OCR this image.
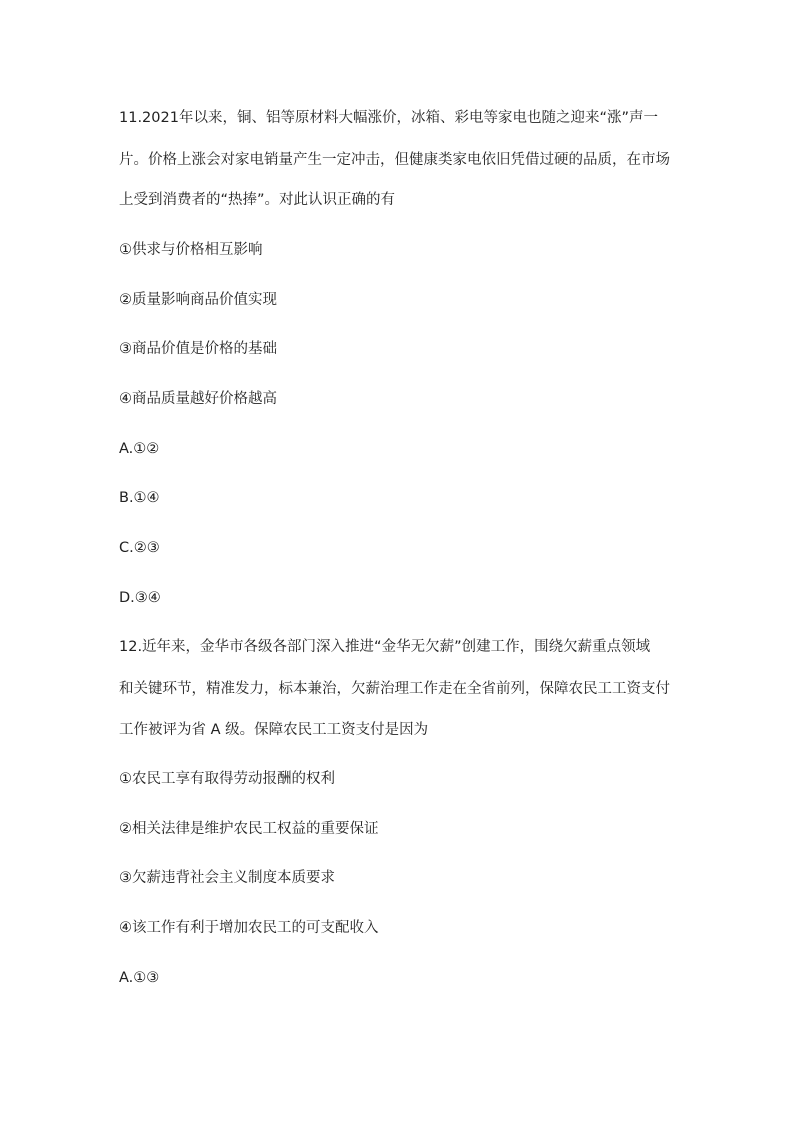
11.2021年以来，铜、铝等原材料大幅涨价，冰箱、彩电等家电也随之迎来“涨”声一
片。价格上涨会对家电销量产生一定冲击，但健康类家电依旧凭借过硬的品质，在市场
上受到消费者的“热捧”。对此认识正确的有
①供求与价格相互影响
②质量影响商品价值实现
③商品价值是价格的基础
④商品质量越好价格越高
A.①②
B.①④
C.②③
D.③④
12.近年来，金华市各级各部门深入推进“金华无欠薪”创建工作，围绕欠薪重点领域
和关键环节，精准发力，标本兼治，欠薪治理工作走在全省前列，保障农民工工资支付
工作被评为省 A 级。保障农民工工资支付是因为
①农民工享有取得劳动报酬的权利
②相关法律是维护农民工权益的重要保证
③欠薪违背社会主义制度本质要求
④该工作有利于增加农民工的可支配收入
A.①③
